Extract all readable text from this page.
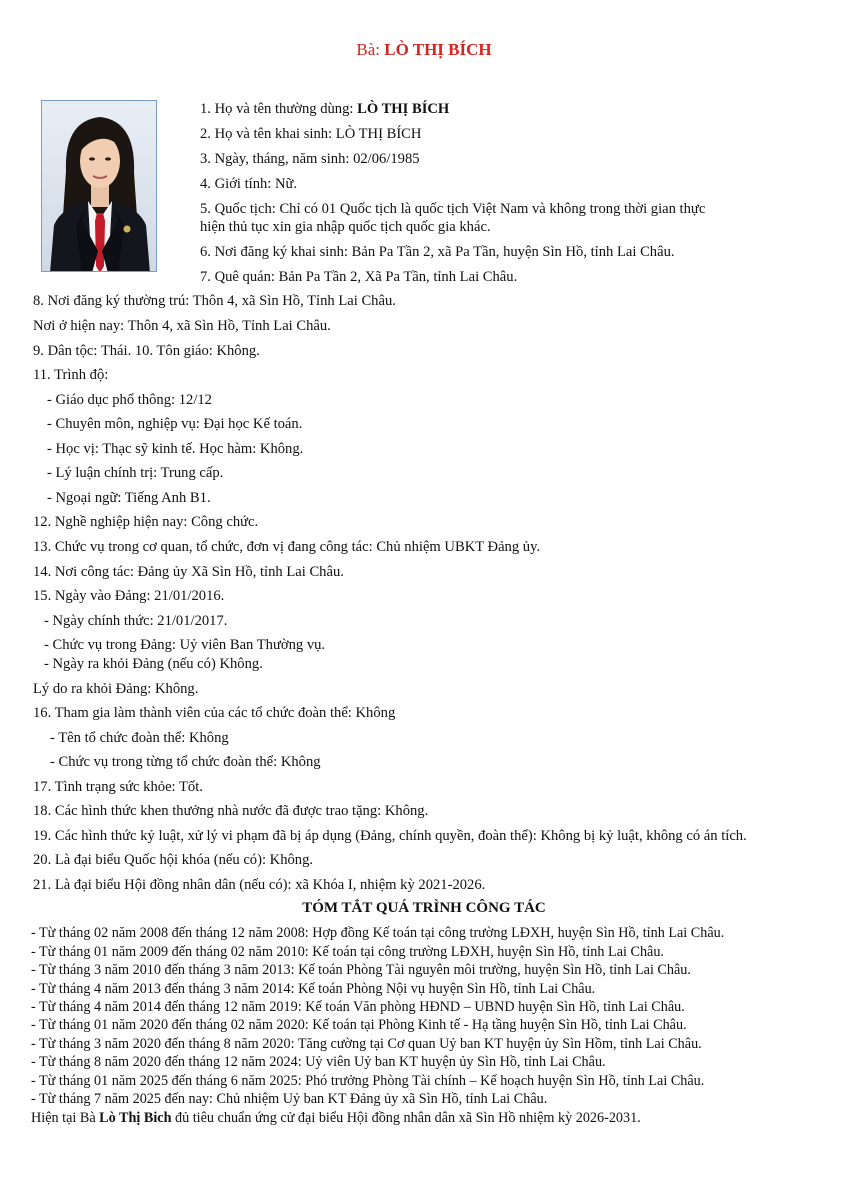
Bà: LÒ THỊ BÍCH
1. Họ và tên thường dùng: LÒ THỊ BÍCH
2. Họ và tên khai sinh: LÒ THỊ BÍCH
3. Ngày, tháng, năm sinh: 02/06/1985
4. Giới tính: Nữ.
5. Quốc tịch: Chỉ có 01 Quốc tịch là quốc tịch Việt Nam và không trong thời gian thực
hiện thủ tục xin gia nhập quốc tịch quốc gia khác.
6. Nơi đăng ký khai sinh: Bản Pa Tần 2, xã Pa Tần, huyện Sìn Hồ, tỉnh Lai Châu.
7. Quê quán: Bản Pa Tần 2, Xã Pa Tần, tỉnh Lai Châu.
8. Nơi đăng ký thường trú: Thôn 4, xã Sìn Hồ, Tỉnh Lai Châu.
Nơi ở hiện nay: Thôn 4, xã Sìn Hồ, Tỉnh Lai Châu.
9. Dân tộc: Thái. 10. Tôn giáo: Không.
11. Trình độ:
- Giáo dục phổ thông: 12/12
- Chuyên môn, nghiệp vụ: Đại học Kế toán.
- Học vị: Thạc sỹ kinh tế. Học hàm: Không.
- Lý luận chính trị: Trung cấp.
- Ngoại ngữ: Tiếng Anh B1.
12. Nghề nghiệp hiện nay: Công chức.
13. Chức vụ trong cơ quan, tổ chức, đơn vị đang công tác: Chủ nhiệm UBKT Đảng ủy.
14. Nơi công tác: Đảng ủy Xã Sìn Hồ, tỉnh Lai Châu.
15. Ngày vào Đảng: 21/01/2016.
- Ngày chính thức: 21/01/2017.
- Chức vụ trong Đảng: Uỷ viên Ban Thường vụ.
- Ngày ra khỏi Đảng (nếu có) Không.
Lý do ra khỏi Đảng: Không.
16. Tham gia làm thành viên của các tổ chức đoàn thể: Không
- Tên tổ chức đoàn thể: Không
- Chức vụ trong từng tổ chức đoàn thể: Không
17. Tình trạng sức khỏe: Tốt.
18. Các hình thức khen thưởng nhà nước đã được trao tặng: Không.
19. Các hình thức kỷ luật, xử lý vi phạm đã bị áp dụng (Đảng, chính quyền, đoàn thể): Không bị kỷ luật, không có án tích.
20. Là đại biểu Quốc hội khóa (nếu có): Không.
21. Là đại biểu Hội đồng nhân dân (nếu có): xã Khóa I, nhiệm kỳ 2021-2026.
TÓM TẮT QUÁ TRÌNH CÔNG TÁC
- Từ tháng 02 năm 2008 đến tháng 12 năm 2008: Hợp đồng Kế toán tại công trường LĐXH, huyện Sìn Hồ, tỉnh Lai Châu.
- Từ tháng 01 năm 2009 đến tháng 02 năm 2010: Kế toán tại công trường LĐXH, huyện Sìn Hồ, tỉnh Lai Châu.
- Từ tháng 3 năm 2010 đến tháng 3 năm 2013: Kế toán Phòng Tài nguyên môi trường, huyện Sìn Hồ, tỉnh Lai Châu.
- Từ tháng 4 năm 2013 đến tháng 3 năm 2014: Kế toán Phòng Nội vụ huyện Sìn Hồ, tỉnh Lai Châu.
- Từ tháng 4 năm 2014 đến tháng 12 năm 2019: Kế toán Văn phòng HĐND – UBND huyện Sìn Hồ, tỉnh Lai Châu.
- Từ tháng 01 năm 2020 đến tháng 02 năm 2020: Kế toán tại Phòng Kinh tế - Hạ tầng huyện Sìn Hồ, tỉnh Lai Châu.
- Từ tháng 3 năm 2020 đến tháng 8 năm 2020: Tăng cường tại Cơ quan Uỷ ban KT huyện ủy Sìn Hồm, tỉnh Lai Châu.
- Từ tháng 8 năm 2020 đến tháng 12 năm 2024: Uỷ viên Uỷ ban KT huyện ủy Sìn Hồ, tỉnh Lai Châu.
- Từ tháng 01 năm 2025 đến tháng 6 năm 2025: Phó trưởng Phòng Tài chính – Kế hoạch huyện Sìn Hồ, tỉnh Lai Châu.
- Từ tháng 7 năm 2025 đến nay: Chủ nhiệm Uỷ ban KT Đảng ủy xã Sìn Hồ, tỉnh Lai Châu.
Hiện tại Bà Lò Thị Bich đủ tiêu chuẩn ứng cử đại biểu Hội đồng nhân dân xã Sìn Hồ nhiệm kỳ 2026-2031.
